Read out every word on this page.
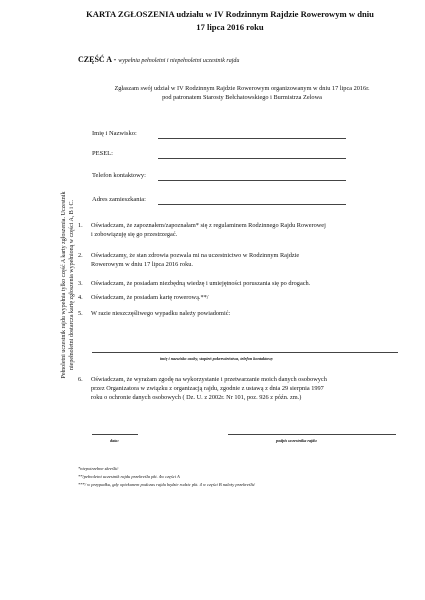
KARTA ZGŁOSZENIA udziału w IV Rodzinnym Rajdzie Rowerowym w dniu
17 lipca 2016 roku
CZĘŚĆ A - wypełnia pełnoletni i niepełnoletni uczestnik rajdu
Zgłaszam swój udział w IV Rodzinnym Rajdzie Rowerowym organizowanym w dniu 17 lipca 2016r.
pod patronatem Starosty Bełchatowskiego i Burmistrza Zelowa
Imię i Nazwisko:
PESEL:
Telefon kontaktowy:
Adres zamieszkania:
1.	Oświadczam, że zapoznałem/zapoznałam* się z regulaminem Rodzinnego Rajdu Rowerowej
i zobowiązuję się go przestrzegać.
2.	Oświadczamy, że stan zdrowia pozwala mi na uczestnictwo w Rodzinnym Rajdzie
Rowerowym w dniu 17 lipca 2016 roku.
3.	Oświadczam, że posiadam niezbędną wiedzę i umiejętności poruszania się po drogach.
4.	Oświadczam, że posiadam kartę rowerową.**/
5.	W razie nieszczęśliwego wypadku należy powiadomić:
imię i nazwisko osoby, stopień pokrewieństwa, telefon kontaktowy
6.	Oświadczam, że wyrażam zgodę na wykorzystanie i przetwarzanie moich danych osobowych
przez Organizatora w związku z organizacją rajdu, zgodnie z ustawą z dnia 29 sierpnia 1997
roku o ochronie danych osobowych ( Dz. U. z 2002r. Nr 101, poz. 926 z późn. zm.)
data:	podpis uczestnika rajdu
*niepotrzebne skreślić
**/pełnoletni uczestnik rajdu przekreśla pkt. 4w części A
***/ w przypadku, gdy opiekunem podczas rajdu będzie rodzic pkt. 4 w części B należy przekreślić
Pełnoletni uczestnik rajdu wypełnia tylko część A karty zgłoszenia. Uczestnik niepełnoletni dostarcza kartę zgłoszenia wypełnioną w części A, B i C.
